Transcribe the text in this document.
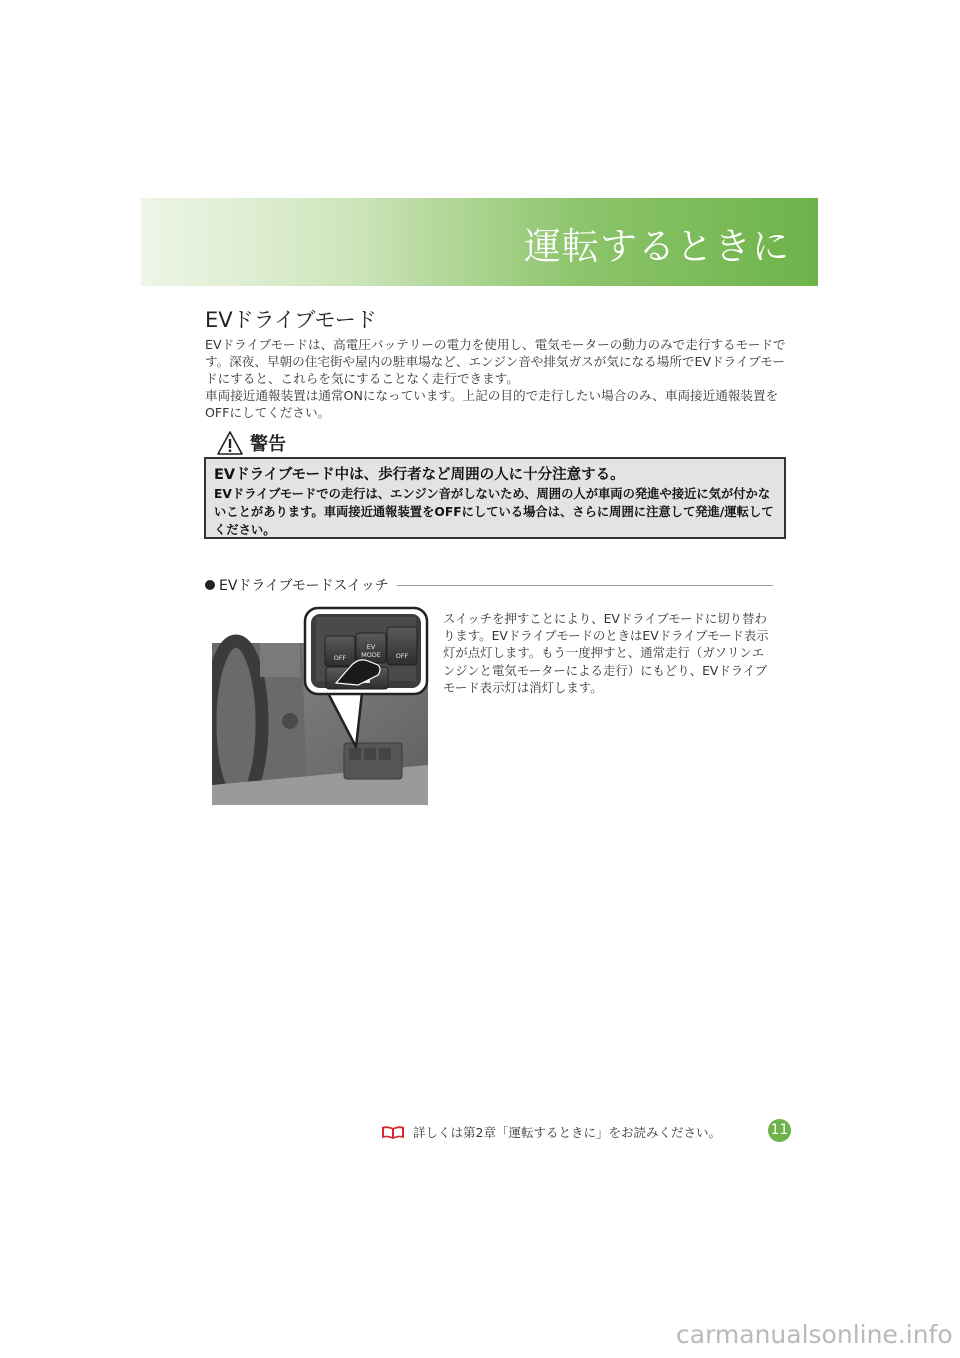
運転するときに
EVドライブモード

EVドライブモードは、高電圧バッテリーの電力を使用し、電気モーターの動力のみで走行するモードです。深夜、早朝の住宅街や屋内の駐車場など、エンジン音や排気ガスが気になる場所でEVドライブモードにすると、これらを気にすることなく走行できます。

車両接近通報装置は通常ONになっています。上記の目的で走行したい場合のみ、車両接近通報装置をOFFにしてください。

警告
EVドライブモード中は、歩行者など周囲の人に十分注意する。
EVドライブモードでの走行は、エンジン音がしないため、周囲の人が車両の発進や接近に気が付かないことがあります。車両接近通報装置をOFFにしている場合は、さらに周囲に注意して発進/運転してください。
EVドライブモードスイッチ
OFF
EV
MODE OFF
スイッチを押すことにより、EVドライブモードに切り替わります。EVドライブモードのときはEVドライブモード表示灯が点灯します。もう一度押すと、通常走行（ガソリンエンジンと電気モーターによる走行）にもどり、EVドライブモード表示灯は消灯します。
詳しくは第2章「運転するときに」をお読みください。	11
carmanualsonline.info
